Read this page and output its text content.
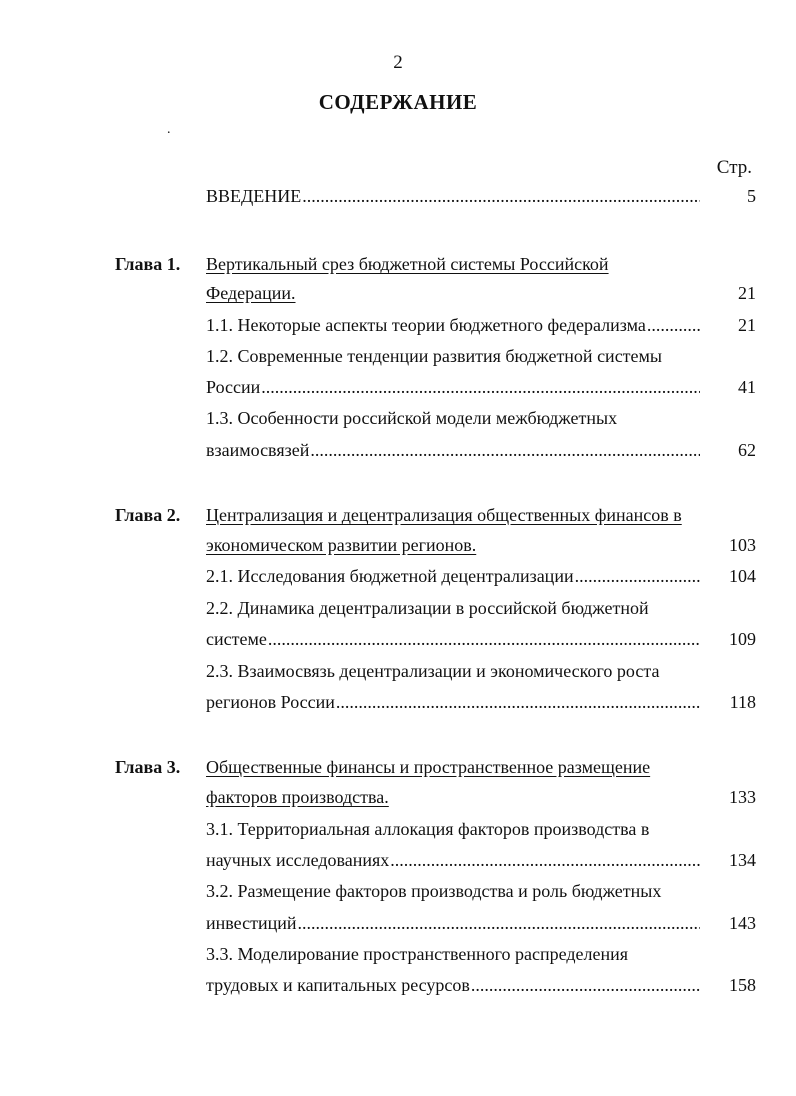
2
СОДЕРЖАНИЕ
.
Стр.
ВВЕДЕНИЕ .....	5
Глава 1. Вертикальный срез бюджетной системы Российской
Федерации.	21
1.1. Некоторые аспекты теории бюджетного федерализма .....	21
1.2. Современные тенденции развития бюджетной системы
России .....	41
1.3. Особенности российской модели межбюджетных
взаимосвязей .....	62
Глава 2. Централизация и децентрализация общественных финансов в
экономическом развитии регионов.	103
2.1. Исследования бюджетной децентрализации .....	104
2.2. Динамика децентрализации в российской бюджетной
системе .....	109
2.3. Взаимосвязь децентрализации и экономического роста
регионов России .....	118
Глава 3. Общественные финансы и пространственное размещение
факторов производства.	133
3.1. Территориальная аллокация факторов производства в
научных исследованиях .....	134
3.2. Размещение факторов производства и роль бюджетных
инвестиций .....	143
3.3. Моделирование пространственного распределения
трудовых и капитальных ресурсов .....	158
